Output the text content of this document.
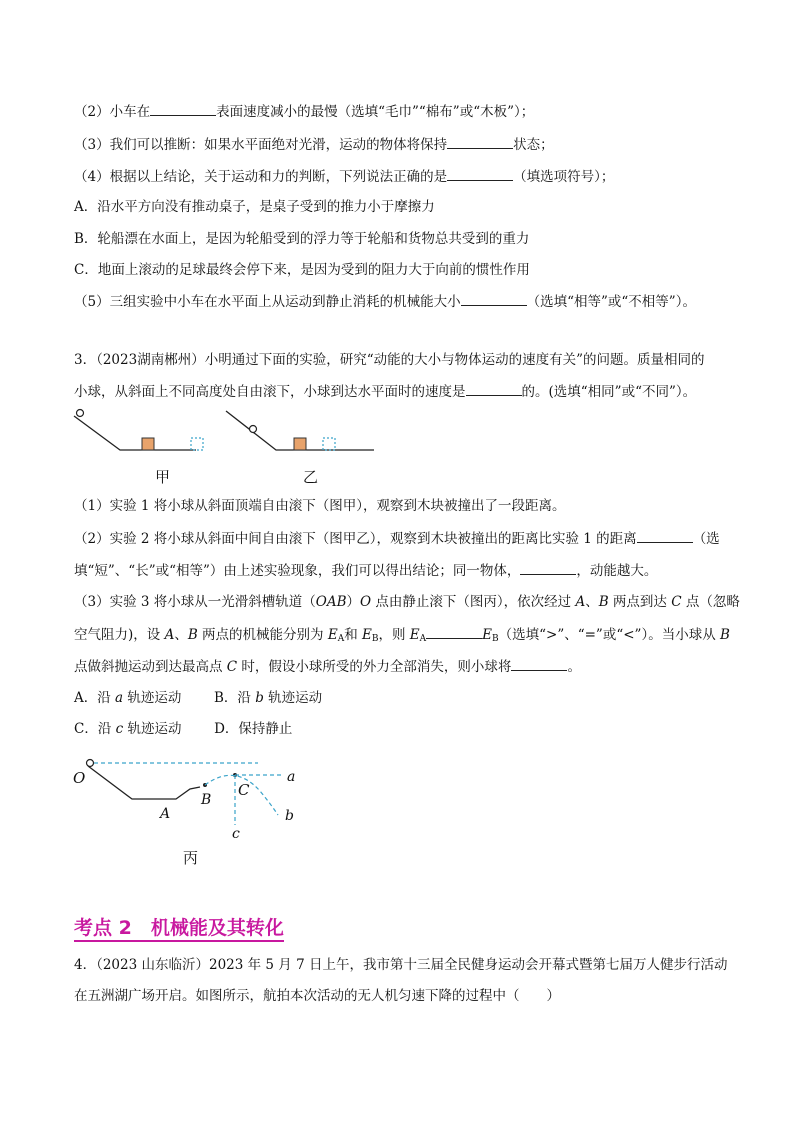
（2）小车在	表面速度减小的最慢（选填“毛巾”“棉布”或“木板”）；
（3）我们可以推断：如果水平面绝对光滑，运动的物体将保持	状态；
（4）根据以上结论，关于运动和力的判断，下列说法正确的是	（填选项符号）；
A．沿水平方向没有推动桌子，是桌子受到的推力小于摩擦力
B．轮船漂在水面上，是因为轮船受到的浮力等于轮船和货物总共受到的重力
C．地面上滚动的足球最终会停下来，是因为受到的阻力大于向前的惯性作用
（5）三组实验中小车在水平面上从运动到静止消耗的机械能大小	（选填“相等”或“不相等”）。
3．（2023湖南郴州）小明通过下面的实验，研究“动能的大小与物体运动的速度有关”的问题。质量相同的
小球，从斜面上不同高度处自由滚下，小球到达水平面时的速度是	的。(选填“相同”或“不同”）。
甲	乙
（1）实验 1 将小球从斜面顶端自由滚下（图甲），观察到木块被撞出了一段距离。
（2）实验 2 将小球从斜面中间自由滚下（图甲乙），观察到木块被撞出的距离比实验 1 的距离	（选
填“短”、“长”或“相等”）由上述实验现象，我们可以得出结论；同一物体，	，动能越大。
（3）实验 3 将小球从一光滑斜槽轨道（OAB）O 点由静止滚下（图丙），依次经过 A、B 两点到达 C 点（忽略
空气阻力)，设 A、B 两点的机械能分别为 $E_A$和 $E_B$，则 $E_A$	$E_B$（选填“>”、“=”或“<”）。当小球从 B
点做斜抛运动到达最高点 C 时，假设小球所受的外力全部消失，则小球将	。
A．沿 a 轨迹运动 B．沿 b 轨迹运动
C．沿 c 轨迹运动 D．保持静止
O
A
B
C
a
b
c
丙
考点 2　机械能及其转化
4．（2023 山东临沂）2023 年 5 月 7 日上午，我市第十三届全民健身运动会开幕式暨第七届万人健步行活动
在五洲湖广场开启。如图所示，航拍本次活动的无人机匀速下降的过程中（　　）
